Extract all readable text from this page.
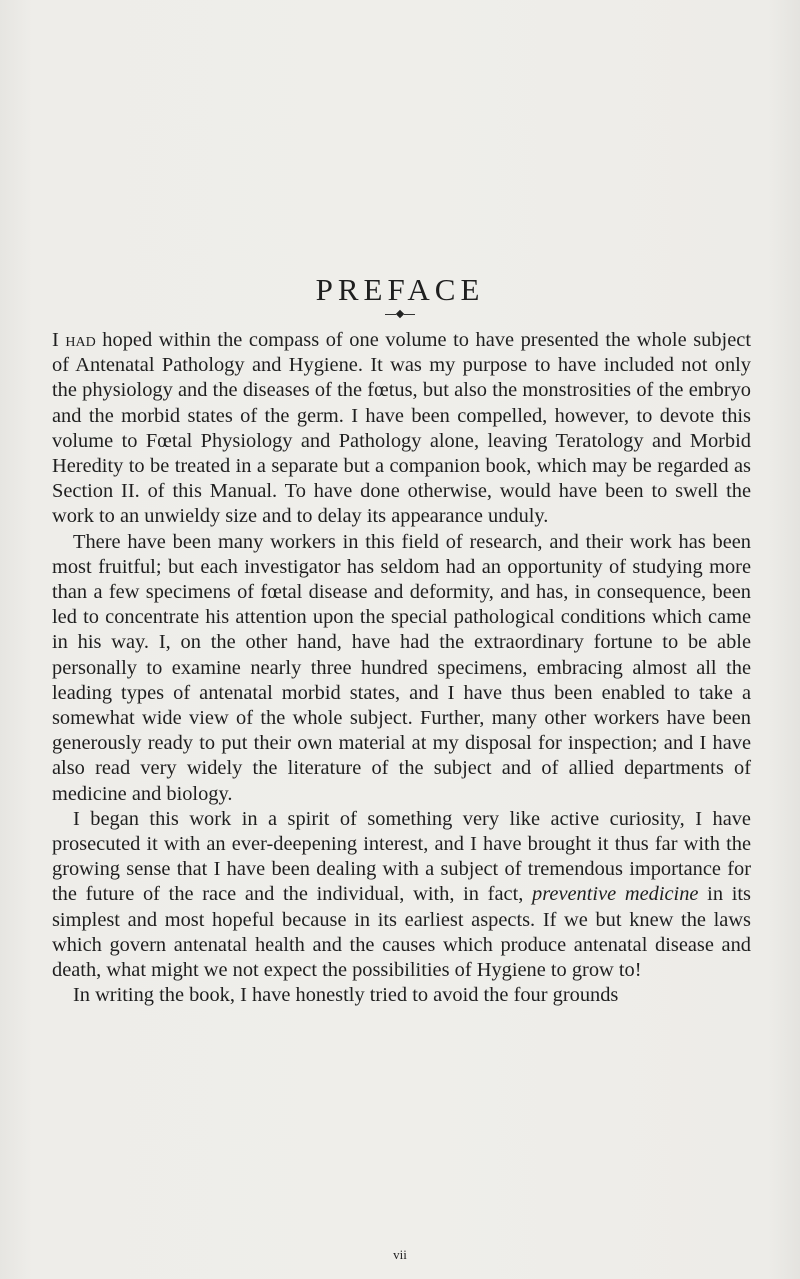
PREFACE

I had hoped within the compass of one volume to have presented the whole subject of Antenatal Pathology and Hygiene. It was my purpose to have included not only the physiology and the diseases of the fœtus, but also the monstrosities of the embryo and the morbid states of the germ. I have been compelled, however, to devote this volume to Fœtal Physiology and Pathology alone, leaving Teratology and Morbid Heredity to be treated in a separate but a companion book, which may be regarded as Section II. of this Manual. To have done otherwise, would have been to swell the work to an unwieldy size and to delay its appearance unduly.

There have been many workers in this field of research, and their work has been most fruitful; but each investigator has seldom had an opportunity of studying more than a few specimens of fœtal disease and deformity, and has, in consequence, been led to concentrate his attention upon the special pathological conditions which came in his way. I, on the other hand, have had the extraordinary fortune to be able personally to examine nearly three hundred specimens, embracing almost all the leading types of antenatal morbid states, and I have thus been enabled to take a somewhat wide view of the whole subject. Further, many other workers have been generously ready to put their own material at my disposal for inspection; and I have also read very widely the literature of the subject and of allied departments of medicine and biology.

I began this work in a spirit of something very like active curiosity, I have prosecuted it with an ever-deepening interest, and I have brought it thus far with the growing sense that I have been dealing with a subject of tremendous importance for the future of the race and the individual, with, in fact, preventive medicine in its simplest and most hopeful because in its earliest aspects. If we but knew the laws which govern antenatal health and the causes which produce antenatal disease and death, what might we not expect the possibilities of Hygiene to grow to!

In writing the book, I have honestly tried to avoid the four grounds

vii
